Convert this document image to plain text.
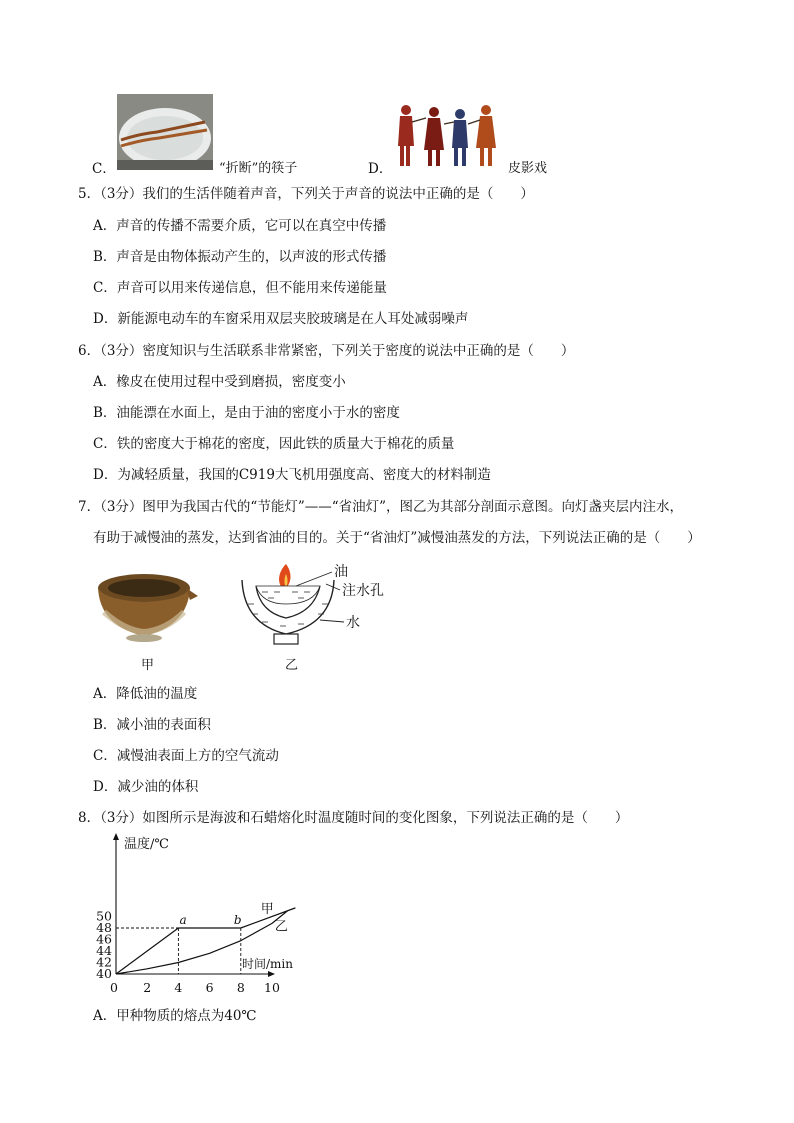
C．	“折断”的筷子	D．	皮影戏
5．（3分）我们的生活伴随着声音，下列关于声音的说法中正确的是（　　）
A．声音的传播不需要介质，它可以在真空中传播
B．声音是由物体振动产生的，以声波的形式传播
C．声音可以用来传递信息，但不能用来传递能量
D．新能源电动车的车窗采用双层夹胶玻璃是在人耳处减弱噪声
6．（3分）密度知识与生活联系非常紧密，下列关于密度的说法中正确的是（　　）
A．橡皮在使用过程中受到磨损，密度变小
B．油能漂在水面上，是由于油的密度小于水的密度
C．铁的密度大于棉花的密度，因此铁的质量大于棉花的质量
D．为减轻质量，我国的C919大飞机用强度高、密度大的材料制造
7．（3分）图甲为我国古代的“节能灯”——“省油灯”，图乙为其部分剖面示意图。向灯盏夹层内注水，
有助于减慢油的蒸发，达到省油的目的。关于“省油灯”减慢油蒸发的方法，下列说法正确的是（　　）
甲
油
注水孔
水
乙
A．降低油的温度
B．减小油的表面积
C．减慢油表面上方的空气流动
D．减少油的体积
8．（3分）如图所示是海波和石蜡熔化时温度随时间的变化图象，下列说法正确的是（　　）
温度/℃
时间/min
0 2 4 6 8 10
40
42
44
46
48
50	甲
乙
a	b
A．甲种物质的熔点为40℃
